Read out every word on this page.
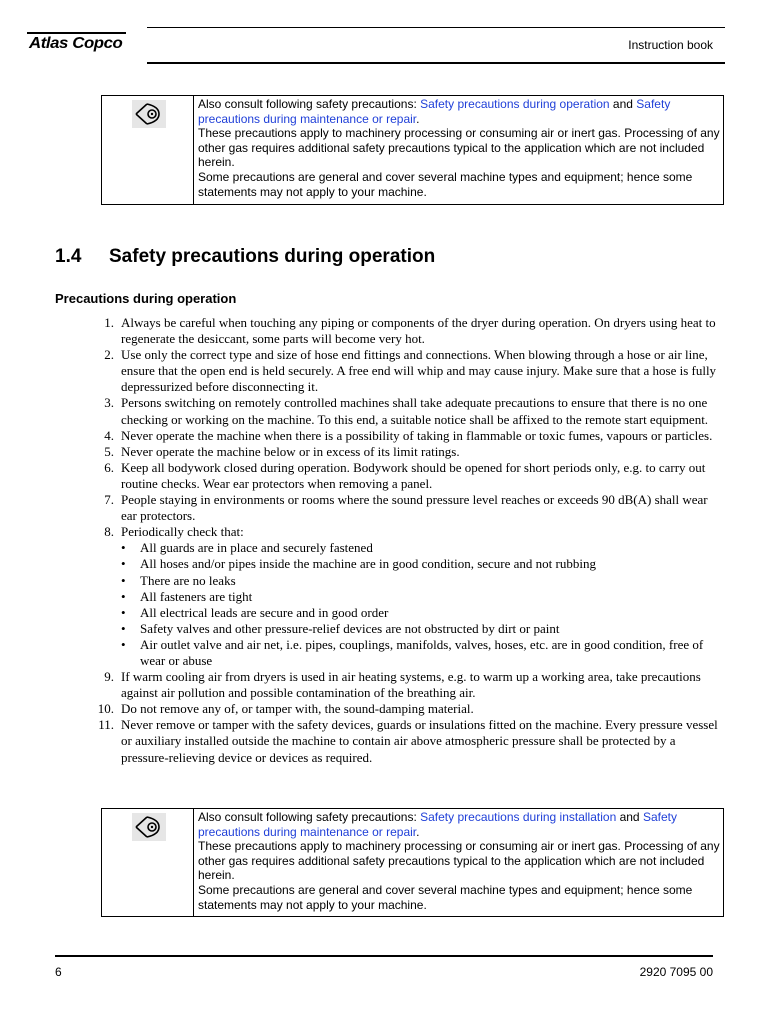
Atlas Copco	Instruction book

Also consult following safety precautions: Safety precautions during operation and Safety precautions during maintenance or repair.

These precautions apply to machinery processing or consuming air or inert gas. Processing of any other gas requires additional safety precautions typical to the application which are not included herein.

Some precautions are general and cover several machine types and equipment; hence some statements may not apply to your machine.

1.4 Safety precautions during operation
Precautions during operation
1. Always be careful when touching any piping or components of the dryer during operation. On dryers using heat to regenerate the desiccant, some parts will become very hot.
2. Use only the correct type and size of hose end fittings and connections. When blowing through a hose or air line, ensure that the open end is held securely. A free end will whip and may cause injury. Make sure that a hose is fully depressurized before disconnecting it.
3. Persons switching on remotely controlled machines shall take adequate precautions to ensure that there is no one checking or working on the machine. To this end, a suitable notice shall be affixed to the remote start equipment.
4. Never operate the machine when there is a possibility of taking in flammable or toxic fumes, vapours or particles.
5. Never operate the machine below or in excess of its limit ratings.
6. Keep all bodywork closed during operation. Bodywork should be opened for short periods only, e.g. to carry out routine checks. Wear ear protectors when removing a panel.
7. People staying in environments or rooms where the sound pressure level reaches or exceeds 90 dB(A) shall wear ear protectors.
8. Periodically check that:
• All guards are in place and securely fastened
• All hoses and/or pipes inside the machine are in good condition, secure and not rubbing
• There are no leaks
• All fasteners are tight
• All electrical leads are secure and in good order
• Safety valves and other pressure-relief devices are not obstructed by dirt or paint
• Air outlet valve and air net, i.e. pipes, couplings, manifolds, valves, hoses, etc. are in good condition, free of wear or abuse
9. If warm cooling air from dryers is used in air heating systems, e.g. to warm up a working area, take precautions against air pollution and possible contamination of the breathing air.
10. Do not remove any of, or tamper with, the sound-damping material.
11. Never remove or tamper with the safety devices, guards or insulations fitted on the machine. Every pressure vessel or auxiliary installed outside the machine to contain air above atmospheric pressure shall be protected by a pressure-relieving device or devices as required.

Also consult following safety precautions: Safety precautions during installation and Safety precautions during maintenance or repair.

These precautions apply to machinery processing or consuming air or inert gas. Processing of any other gas requires additional safety precautions typical to the application which are not included herein.

Some precautions are general and cover several machine types and equipment; hence some statements may not apply to your machine.

6	2920 7095 00
